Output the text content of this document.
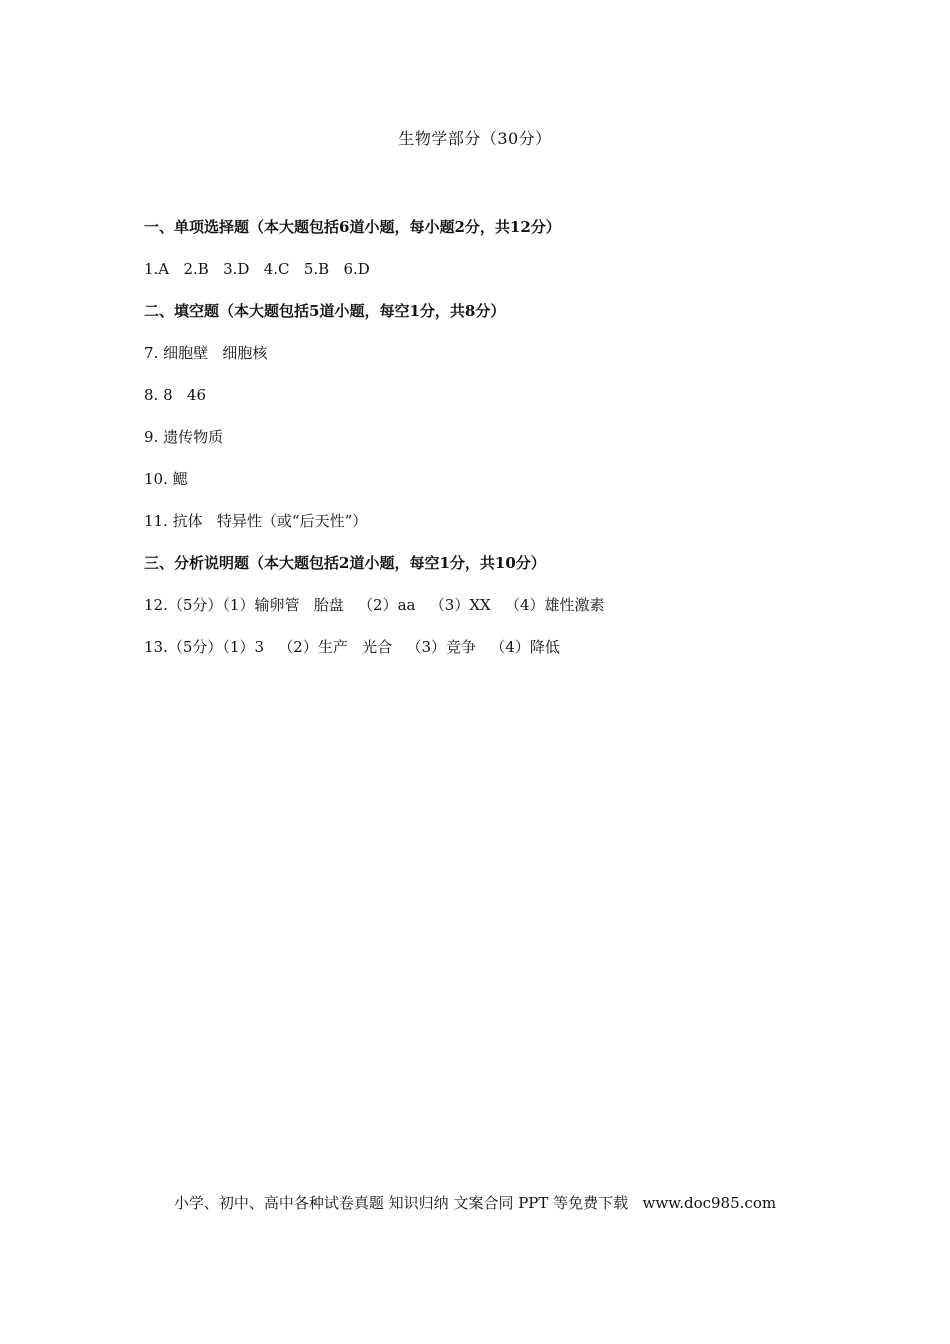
生物学部分（30分）
一、单项选择题（本大题包括6道小题，每小题2分，共12分）
1.A   2.B   3.D   4.C   5.B   6.D
二、填空题（本大题包括5道小题，每空1分，共8分）
7. 细胞壁   细胞核
8. 8   46
9. 遗传物质
10. 鳃
11. 抗体   特异性（或“后天性”）
三、分析说明题（本大题包括2道小题，每空1分，共10分）
12.（5分）（1）输卵管   胎盘   （2）aa   （3）XX   （4）雄性激素
13.（5分）（1）3   （2）生产   光合   （3）竞争   （4）降低
小学、初中、高中各种试卷真题 知识归纳 文案合同 PPT 等免费下载   www.doc985.com
